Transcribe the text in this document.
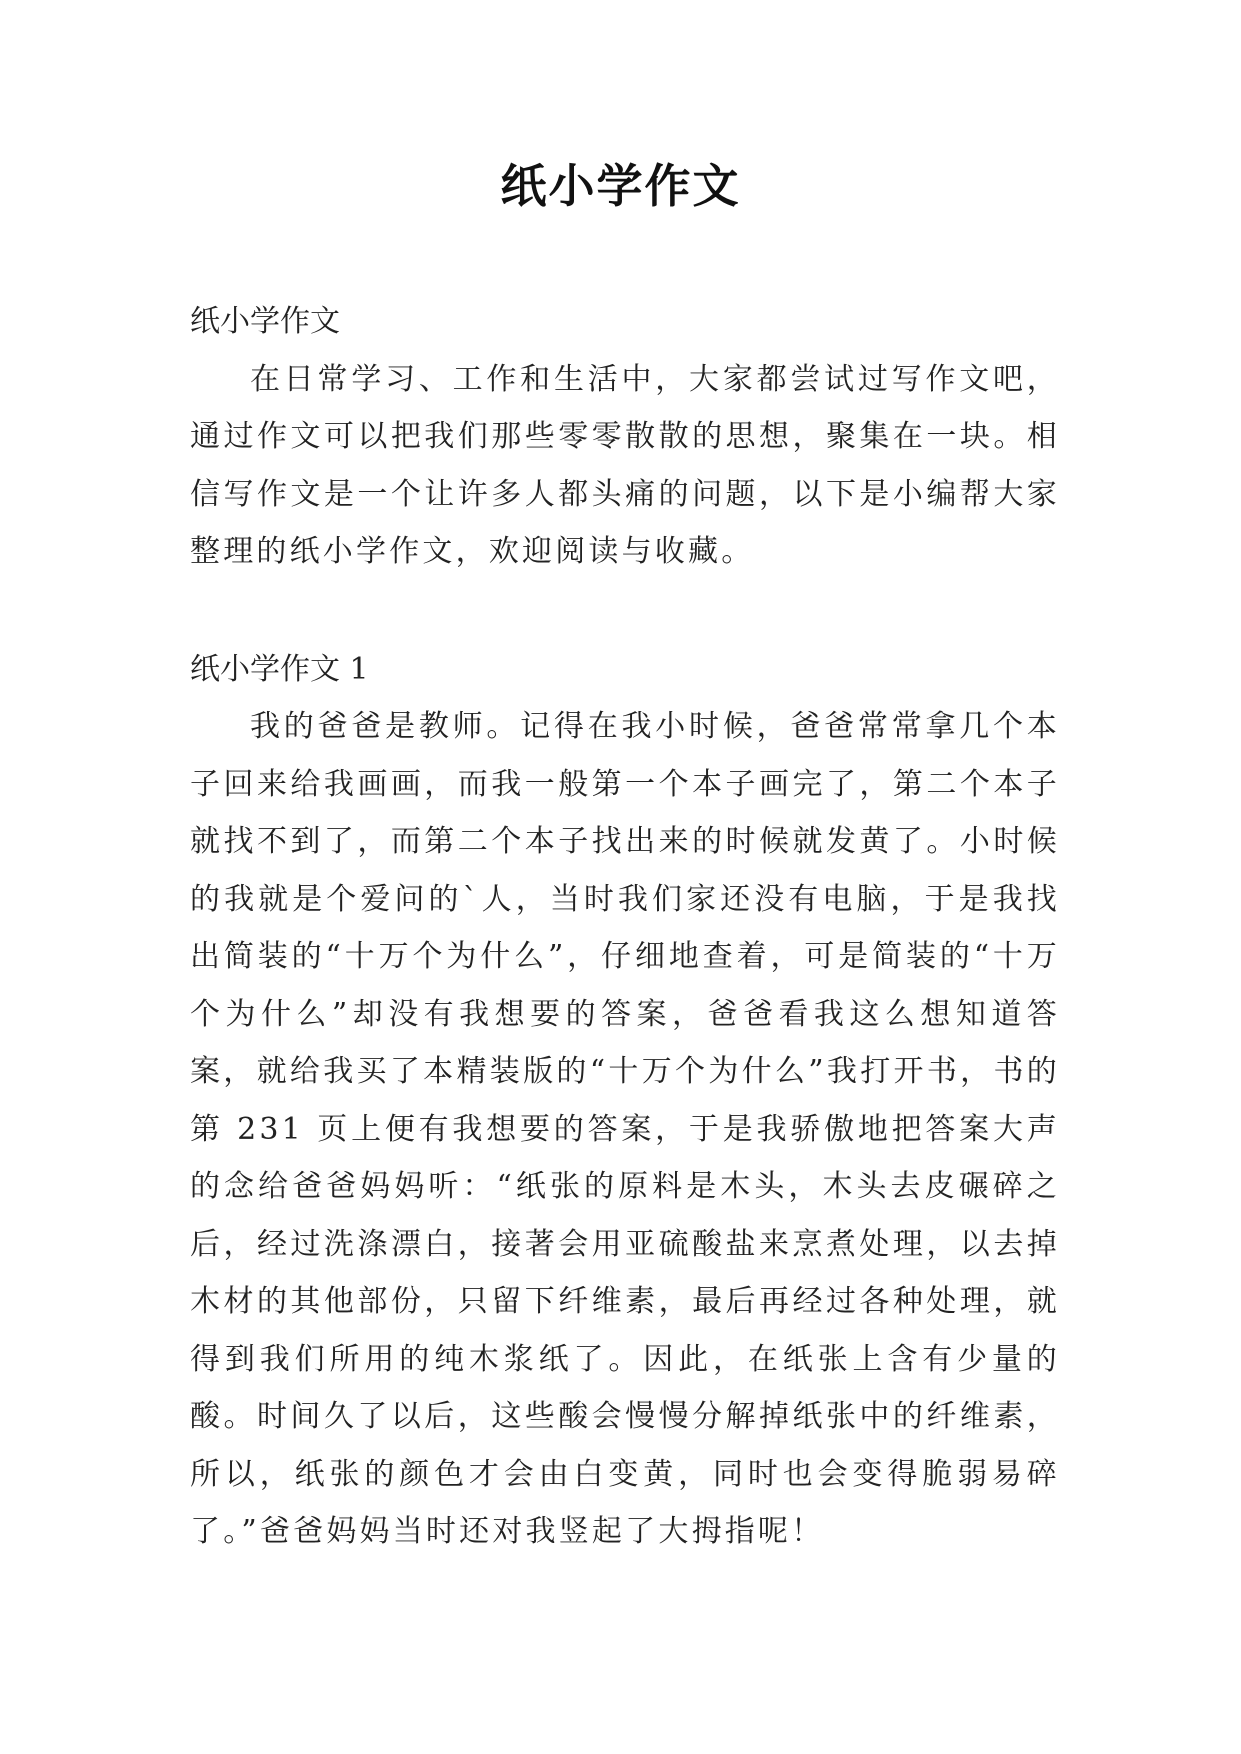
纸小学作文

纸小学作文

在日常学习、工作和生活中，大家都尝试过写作文吧，通过作文可以把我们那些零零散散的思想，聚集在一块。相信写作文是一个让许多人都头痛的问题，以下是小编帮大家整理的纸小学作文，欢迎阅读与收藏。

纸小学作文 1

我的爸爸是教师。记得在我小时候，爸爸常常拿几个本子回来给我画画，而我一般第一个本子画完了，第二个本子就找不到了，而第二个本子找出来的时候就发黄了。小时候的我就是个爱问的`人，当时我们家还没有电脑，于是我找出简装的“十万个为什么”，仔细地查着，可是简装的“十万个为什么”却没有我想要的答案，爸爸看我这么想知道答案，就给我买了本精装版的“十万个为什么”我打开书，书的第 231 页上便有我想要的答案，于是我骄傲地把答案大声的念给爸爸妈妈听：“纸张的原料是木头，木头去皮碾碎之后，经过洗涤漂白，接著会用亚硫酸盐来烹煮处理，以去掉木材的其他部份，只留下纤维素，最后再经过各种处理，就得到我们所用的纯木浆纸了。因此，在纸张上含有少量的酸。时间久了以后，这些酸会慢慢分解掉纸张中的纤维素，所以，纸张的颜色才会由白变黄，同时也会变得脆弱易碎了。”爸爸妈妈当时还对我竖起了大拇指呢！
